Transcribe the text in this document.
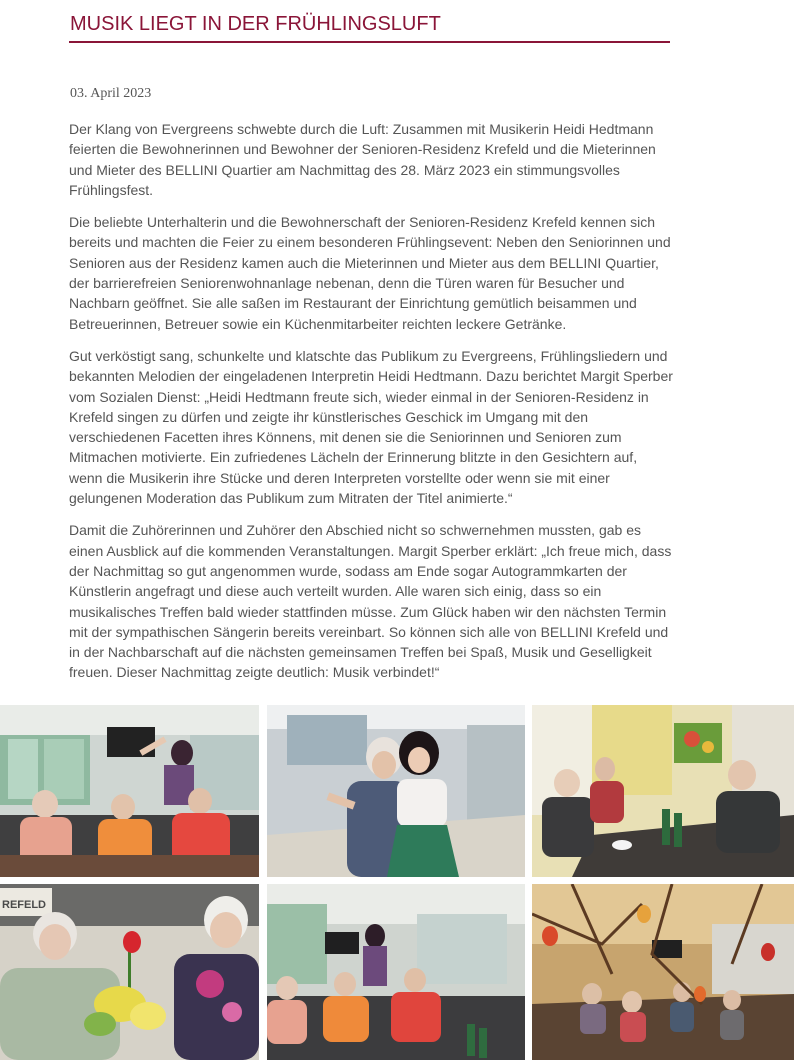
MUSIK LIEGT IN DER FRÜHLINGSLUFT
03. April 2023

Der Klang von Evergreens schwebte durch die Luft: Zusammen mit Musikerin Heidi Hedtmann feierten die Bewohnerinnen und Bewohner der Senioren-Residenz Krefeld und die Mieterinnen und Mieter des BELLINI Quartier am Nachmittag des 28. März 2023 ein stimmungsvolles Frühlingsfest.

Die beliebte Unterhalterin und die Bewohnerschaft der Senioren-Residenz Krefeld kennen sich bereits und machten die Feier zu einem besonderen Frühlingsevent: Neben den Seniorinnen und Senioren aus der Residenz kamen auch die Mieterinnen und Mieter aus dem BELLINI Quartier, der barrierefreien Seniorenwohnanlage nebenan, denn die Türen waren für Besucher und Nachbarn geöffnet. Sie alle saßen im Restaurant der Einrichtung gemütlich beisammen und Betreuerinnen, Betreuer sowie ein Küchenmitarbeiter reichten leckere Getränke.

Gut verköstigt sang, schunkelte und klatschte das Publikum zu Evergreens, Frühlingsliedern und bekannten Melodien der eingeladenen Interpretin Heidi Hedtmann. Dazu berichtet Margit Sperber vom Sozialen Dienst: „Heidi Hedtmann freute sich, wieder einmal in der Senioren-Residenz in Krefeld singen zu dürfen und zeigte ihr künstlerisches Geschick im Umgang mit den verschiedenen Facetten ihres Könnens, mit denen sie die Seniorinnen und Senioren zum Mitmachen motivierte. Ein zufriedenes Lächeln der Erinnerung blitzte in den Gesichtern auf, wenn die Musikerin ihre Stücke und deren Interpreten vorstellte oder wenn sie mit einer gelungenen Moderation das Publikum zum Mitraten der Titel animierte.“

Damit die Zuhörerinnen und Zuhörer den Abschied nicht so schwernehmen mussten, gab es einen Ausblick auf die kommenden Veranstaltungen. Margit Sperber erklärt: „Ich freue mich, dass der Nachmittag so gut angenommen wurde, sodass am Ende sogar Autogrammkarten der Künstlerin angefragt und diese auch verteilt wurden. Alle waren sich einig, dass so ein musikalisches Treffen bald wieder stattfinden müsse. Zum Glück haben wir den nächsten Termin mit der sympathischen Sängerin bereits vereinbart. So können sich alle von BELLINI Krefeld und in der Nachbarschaft auf die nächsten gemeinsamen Treffen bei Spaß, Musik und Geselligkeit freuen. Dieser Nachmittag zeigte deutlich: Musik verbindet!“

REFELD
